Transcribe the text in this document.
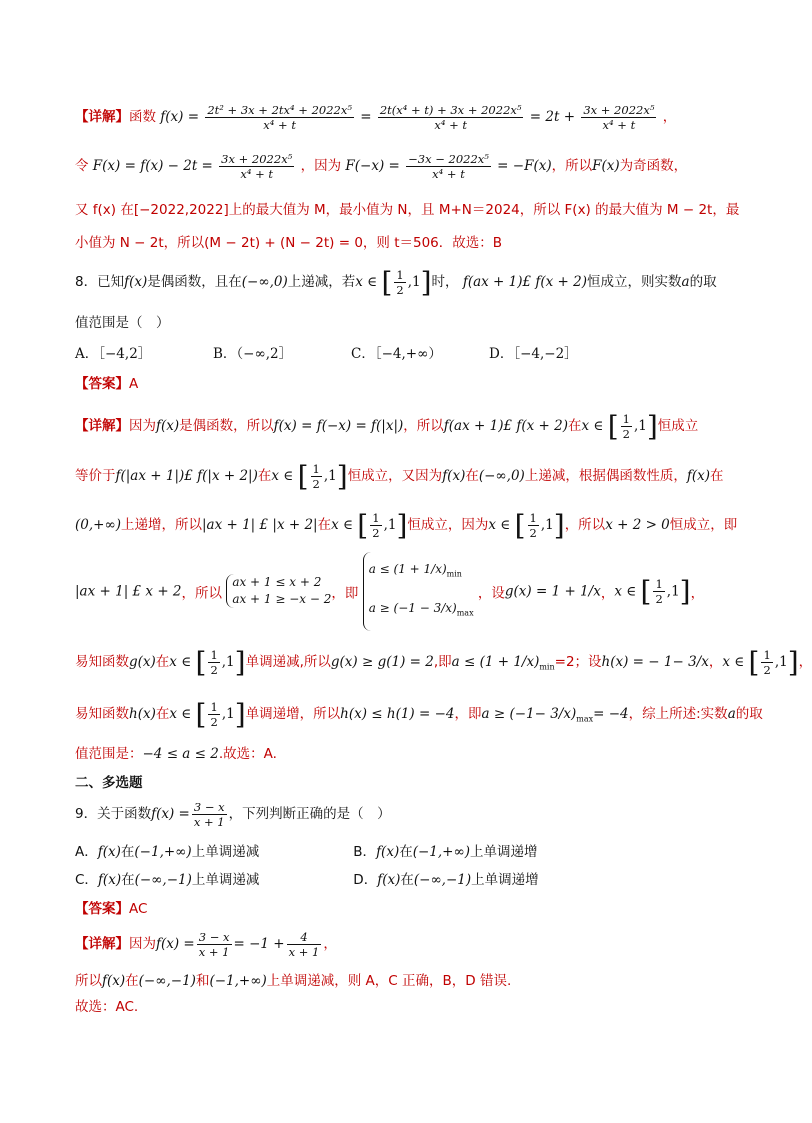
【详解】函数 $f(x) = \frac{\text{2t² + 3x + 2tx⁴ + 2022x⁵}}{\text{x⁴ + t}} = \frac{\text{2t(x⁴ + t) + 3x + 2022x⁵}}{\text{x⁴ + t}} = 2t + \frac{\text{3x + 2022x⁵}}{\text{x⁴ + t}}$ ，
令 $F(x) = f(x) - 2t = \frac{\text{3x + 2022x⁵}}{\text{x⁴ + t}}$ ，因为 $F(-x) = \frac{\text{−3x − 2022x⁵}}{\text{x⁴ + t}} = -F(x)$，所以F(x)为奇函数，
又 f(x) 在[−2022,2022]上的最大值为 M，最小值为 N，且 M+N＝2024，所以 F(x) 的最大值为 M − 2t，最
小值为 N − 2t，所以(M − 2t) + (N − 2t) = 0，则 t＝506．故选：B
8．已知f(x)是偶函数，且在(−∞,0)上递减，若x ∈ [ $\frac{1}{2} ,1$]时， f(ax + 1)£ f(x + 2)恒成立，则实数a的取
值范围是（　）
A．［−4,2］	B．（−∞,2］	C．［−4,+∞）	D．［−4,−2］
【答案】A
【详解】因为f(x)是偶函数，所以f(x) = f(−x) = f(|x|)，所以f(ax + 1)£ f(x + 2)在x ∈ [ $\frac{1}{2} ,1$]恒成立
等价于f(|ax + 1|)£ f(|x + 2|)在x ∈ [ $\frac{1}{2} ,1$]恒成立，又因为f(x)在(−∞,0)上递减，根据偶函数性质，f(x)在
(0,+∞)上递增，所以|ax + 1| £ |x + 2|在x ∈ [ $\frac{1}{2} ,1$]恒成立，因为x ∈ [ $\frac{1}{2} ,1$]，所以x + 2 > 0恒成立，即
|ax + 1| £ x + 2，所以
ax + 1 ≤ x + 2
ax + 1 ≥ −x − 2 ，即
$a \le (1 + 1/x)_{min}$
$a \ge (-1 - 3/x)_{max}$
，设g(x) = 1 + 1/x，x ∈ [ $\frac{1}{2} ,1$]，
易知函数g(x)在x ∈ [ $\frac{1}{2} ,1$]单调递减,所以g(x) ≥ g(1) = 2,即$a \le (1 + 1/x)_{min}=2$；设h(x) = − 1− 3/x，x ∈ [ $\frac{1}{2} ,1$]，
易知函数h(x)在x ∈ [ $\frac{1}{2} ,1$]单调递增，所以h(x) ≤ h(1) = −4，即$a \ge (-1- 3/x)_{max}= -4$，综上所述:实数a的取
值范围是：−4 ≤ a ≤ 2.故选：A.
二、多选题
9．关于函数$f(x) = \frac{3 - x}{x + 1}$ ，下列判断正确的是（　）
A．f(x)在(−1,+∞)上单调递减	B．f(x)在(−1,+∞)上单调递增
C．f(x)在(−∞,−1)上单调递减	D．f(x)在(−∞,−1)上单调递增
【答案】AC
【详解】因为$f(x) = \frac{3 - x}{x + 1} = -1 + \frac{4}{x + 1}$ ，
所以f(x)在(−∞,−1)和(−1,+∞)上单调递减，则 A，C 正确，B，D 错误.
故选：AC.
